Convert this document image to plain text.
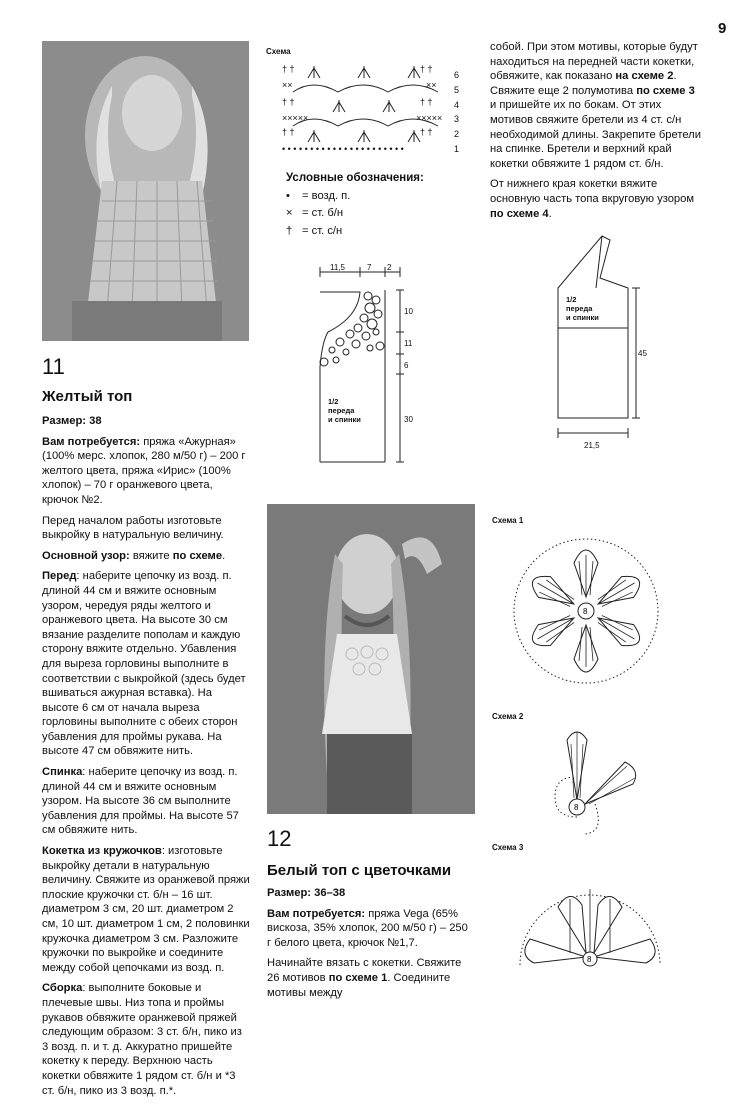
9
Схема
† †
××
† †
×××××
† †
• • • • • • • • • • • • • • • • • • • • • •
† †
××
† †
×××××
† †
6
5
4
3
2
1
Условные обозначения:
• = возд. п.
× = ст. б/н
† = ст. с/н
11,5	7 2
10
11
6
30
1/2
переда
и спинки
45
21,5
1/2
переда
и спинки
Схема 1
Схема 2
Схема 3
8
8
8
11
Желтый топ

Размер: 38

Вам потребуется: пряжа «Ажурная» (100% мерс. хлопок, 280 м/50 г) – 200 г желтого цвета, пряжа «Ирис» (100% хлопок) – 70 г оранжевого цвета, крючок №2.

Перед началом работы изготовьте выкройку в натуральную величину.

Основной узор: вяжите по схеме.

Перед: наберите цепочку из возд. п. длиной 44 см и вяжите основным узором, чередуя ряды желтого и оранжевого цвета. На высоте 30 см вязание разделите пополам и каждую сторону вяжите отдельно. Убавления для выреза горловины выполните в соответствии с выкройкой (здесь будет вшиваться ажурная вставка). На высоте 6 см от начала выреза горловины выполните с обеих сторон убавления для проймы рукава. На высоте 47 см обвяжите нить.

Спинка: наберите цепочку из возд. п. длиной 44 см и вяжите основным узором. На высоте 36 см выполните убавления для проймы. На высоте 57 см обвяжите нить.

Кокетка из кружочков: изготовьте выкройку детали в натуральную величину. Свяжите из оранжевой пряжи плоские кружочки ст. б/н – 16 шт. диаметром 3 см, 20 шт. диаметром 2 см, 10 шт. диаметром 1 см, 2 половинки кружочка диаметром 3 см. Разложите кружочки по выкройке и соедините между собой цепочками из возд. п.

Сборка: выполните боковые и плечевые швы. Низ топа и проймы рукавов обвяжите оранжевой пряжей следующим образом: 3 ст. б/н, пико из 3 возд. п. и т. д. Аккуратно пришейте кокетку к переду. Верхнюю часть кокетки обвяжите 1 рядом ст. б/н и *3 ст. б/н, пико из 3 возд. п.*.

12
Белый топ с цветочками

Размер: 36–38

Вам потребуется: пряжа Vega (65% вискоза, 35% хлопок, 200 м/50 г) – 250 г белого цвета, крючок №1,7.

Начинайте вязать с кокетки. Свяжите 26 мотивов по схеме 1. Соедините мотивы между

собой. При этом мотивы, которые будут находиться на передней части кокетки, обвяжите, как показано на схеме 2. Свяжите еще 2 полумотива по схеме 3 и пришейте их по бокам. От этих мотивов свяжите бретели из 4 ст. с/н необходимой длины. Закрепите бретели на спинке. Бретели и верхний край кокетки обвяжите 1 рядом ст. б/н.

От нижнего края кокетки вяжите основную часть топа вкруговую узором по схеме 4.
